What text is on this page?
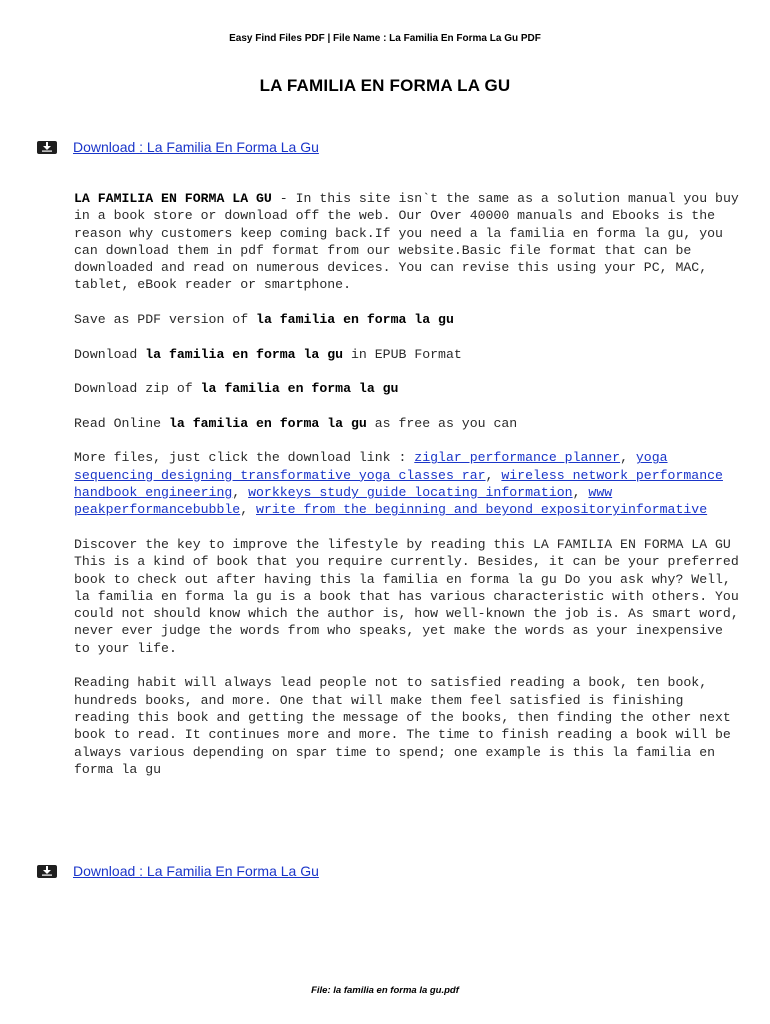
Easy Find Files PDF | File Name : La Familia En Forma La Gu PDF
LA FAMILIA EN FORMA LA GU
Download : La Familia En Forma La Gu

LA FAMILIA EN FORMA LA GU - In this site isn`t the same as a solution manual you buy in a book store or download off the web. Our Over 40000 manuals and Ebooks is the reason why customers keep coming back.If you need a la familia en forma la gu, you can download them in pdf format from our website.Basic file format that can be downloaded and read on numerous devices. You can revise this using your PC, MAC, tablet, eBook reader or smartphone.

Save as PDF version of la familia en forma la gu

Download la familia en forma la gu in EPUB Format

Download zip of la familia en forma la gu

Read Online la familia en forma la gu as free as you can

More files, just click the download link : ziglar performance planner, yoga sequencing designing transformative yoga classes rar, wireless network performance handbook engineering, workkeys study guide locating information, www peakperformancebubble, write from the beginning and beyond expositoryinformative

Discover the key to improve the lifestyle by reading this LA FAMILIA EN FORMA LA GU This is a kind of book that you require currently. Besides, it can be your preferred book to check out after having this la familia en forma la gu Do you ask why? Well, la familia en forma la gu is a book that has various characteristic with others. You could not should know which the author is, how well-known the job is. As smart word, never ever judge the words from who speaks, yet make the words as your inexpensive to your life.

Reading habit will always lead people not to satisfied reading a book, ten book, hundreds books, and more. One that will make them feel satisfied is finishing reading this book and getting the message of the books, then finding the other next book to read. It continues more and more. The time to finish reading a book will be always various depending on spar time to spend; one example is this la familia en forma la gu

Download : La Familia En Forma La Gu
File: la familia en forma la gu.pdf
